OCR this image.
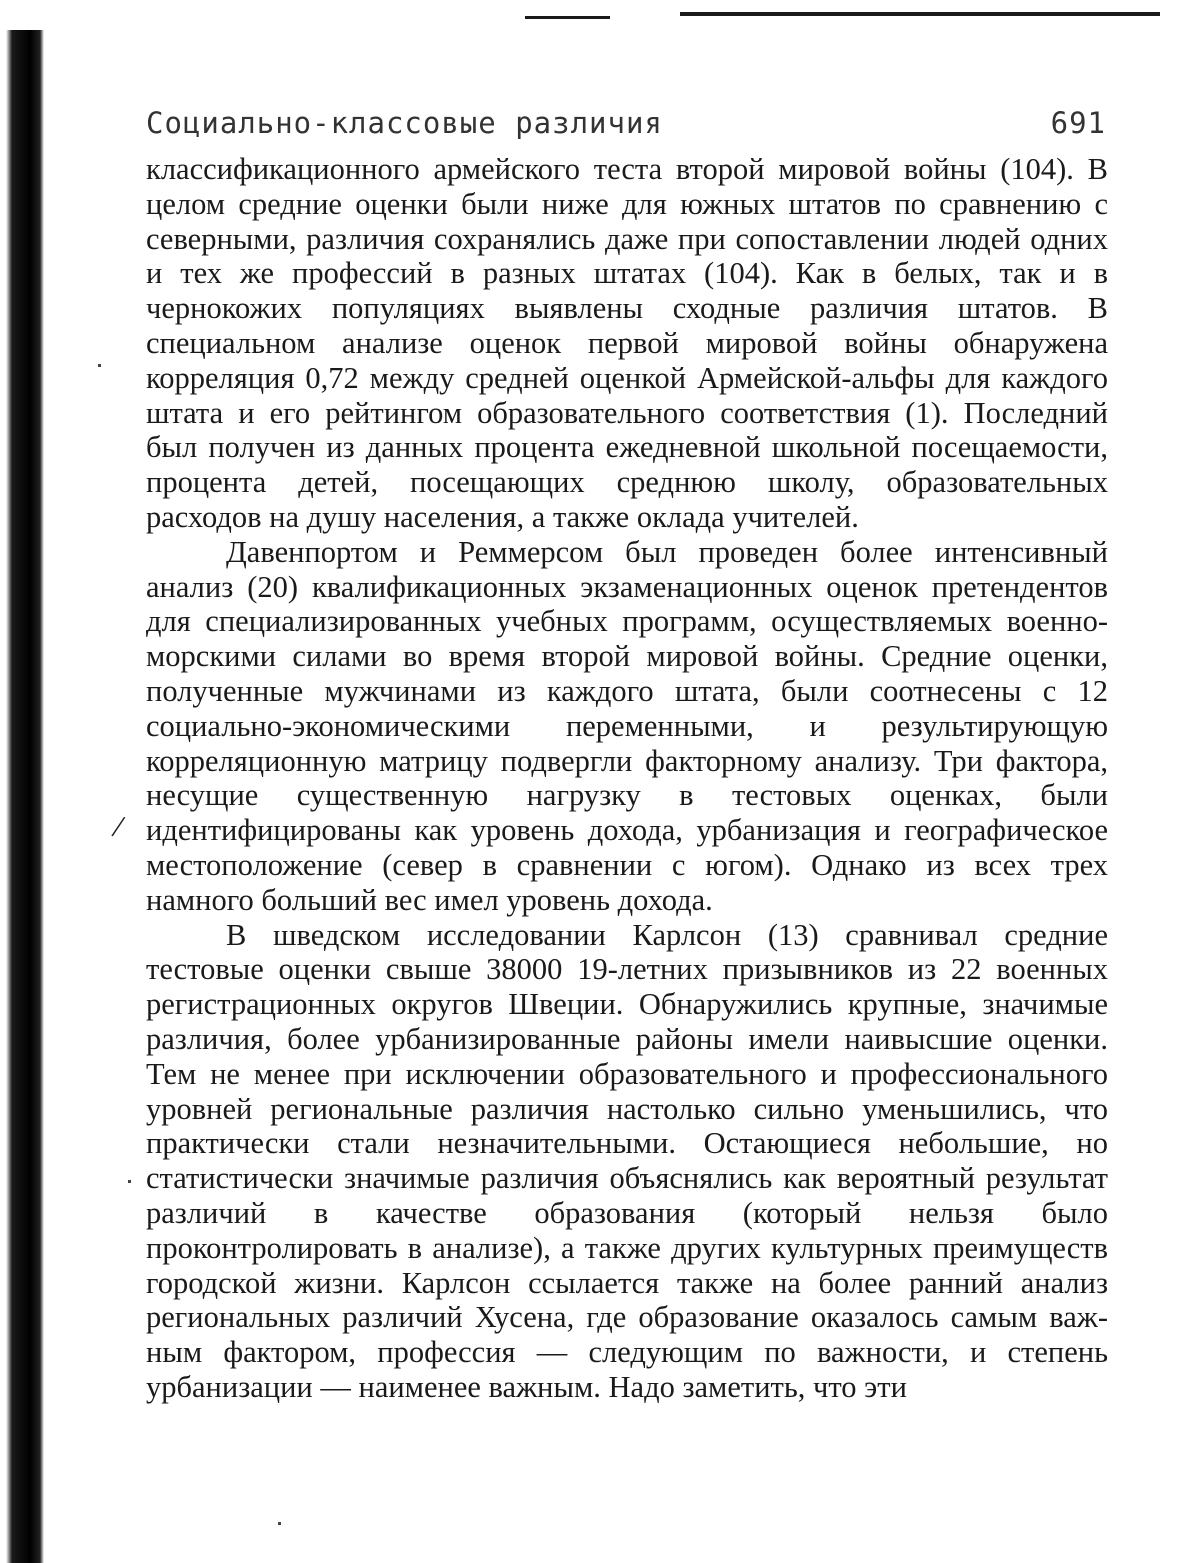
Социально-классовые различия	691

классификационного армейского теста второй мировой войны (104). В целом средние оценки были ниже для южных штатов по сравнению с северными, различия сохранялись даже при сопо­ставлении людей одних и тех же профессий в разных штатах (104). Как в белых, так и в чернокожих популяциях выявлены сходные различия штатов. В специальном анализе оценок первой мировой войны обнаружена корреляция 0,72 между средней оценкой Ар­мейской-альфы для каждого штата и его рейтингом образова­тельного соответствия (1). Последний был получен из данных процента ежедневной школьной посещаемости, процента детей, посещающих среднюю школу, образовательных расходов на душу населения, а также оклада учителей.

Давенпортом и Реммерсом был проведен более интенсив­ный анализ (20) квалификационных экзаменационных оценок претендентов для специализированных учебных программ, осу­ществляемых военно-морскими силами во время второй миро­вой войны. Средние оценки, полученные мужчинами из каждо­го штата, были соотнесены с 12 социально-экономическими переменными, и результирующую корреляционную матрицу подвергли факторному анализу. Три фактора, несущие существен­ную нагрузку в тестовых оценках, были идентифицированы как уровень дохода, урбанизация и географическое местоположение (север в сравнении с югом). Однако из всех трех намного боль­ший вес имел уровень дохода.

В шведском исследовании Карлсон (13) сравнивал средние тестовые оценки свыше 38000 19-летних призывников из 22 во­енных регистрационных округов Швеции. Обнаружились круп­ные, значимые различия, более урбанизированные районы имели наивысшие оценки. Тем не менее при исключении образователь­ного и профессионального уровней региональные различия на­столько сильно уменьшились, что практически стали незначи­тельными. Остающиеся небольшие, но статистически значимые различия объяснялись как вероятный результат различий в каче­стве образования (который нельзя было проконтролировать в анализе), а также других культурных преимуществ городской жизни. Карлсон ссылается также на более ранний анализ регио­нальных различий Хусена, где образование оказалось самым важ­ным фактором, профессия — следующим по важности, и сте­пень урбанизации — наименее важным. Надо заметить, что эти

/
